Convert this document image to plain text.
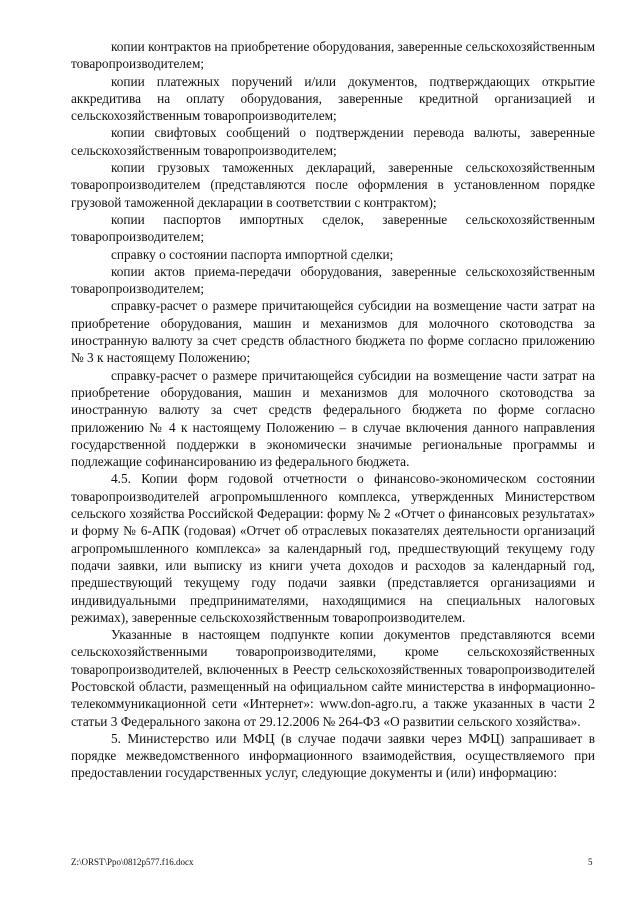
копии контрактов на приобретение оборудования, заверенные сельскохозяйственным товаропроизводителем;

копии платежных поручений и/или документов, подтверждающих открытие аккредитива на оплату оборудования, заверенные кредитной организацией и сельскохозяйственным товаропроизводителем;

копии свифтовых сообщений о подтверждении перевода валюты, заверенные сельскохозяйственным товаропроизводителем;

копии грузовых таможенных деклараций, заверенные сельскохозяйственным товаропроизводителем (представляются после оформления в установленном порядке грузовой таможенной декларации в соответствии с контрактом);

копии паспортов импортных сделок, заверенные сельскохозяйственным товаропроизводителем;

справку о состоянии паспорта импортной сделки;

копии актов приема-передачи оборудования, заверенные сельскохозяйственным товаропроизводителем;

справку-расчет о размере причитающейся субсидии на возмещение части затрат на приобретение оборудования, машин и механизмов для молочного скотоводства за иностранную валюту за счет средств областного бюджета по форме согласно приложению № 3 к настоящему Положению;

справку-расчет о размере причитающейся субсидии на возмещение части затрат на приобретение оборудования, машин и механизмов для молочного скотоводства за иностранную валюту за счет средств федерального бюджета по форме согласно приложению № 4 к настоящему Положению – в случае включения данного направления государственной поддержки в экономически значимые региональные программы и подлежащие софинансированию из федерального бюджета.

4.5. Копии форм годовой отчетности о финансово-экономическом состоянии товаропроизводителей агропромышленного комплекса, утвержденных Министерством сельского хозяйства Российской Федерации: форму № 2 «Отчет о финансовых результатах» и форму № 6-АПК (годовая) «Отчет об отраслевых показателях деятельности организаций агропромышленного комплекса» за календарный год, предшествующий текущему году подачи заявки, или выписку из книги учета доходов и расходов за календарный год, предшествующий текущему году подачи заявки (представляется организациями и индивидуальными предпринимателями, находящимися на специальных налоговых режимах), заверенные сельскохозяйственным товаропроизводителем.

Указанные в настоящем подпункте копии документов представляются всеми сельскохозяйственными товаропроизводителями, кроме сельскохозяйственных товаропроизводителей, включенных в Реестр сельскохозяйственных товаропроизводителей Ростовской области, размещенный на официальном сайте министерства в информационно-телекоммуникационной сети «Интернет»: www.don-agro.ru, а также указанных в части 2 статьи 3 Федерального закона от 29.12.2006 № 264-ФЗ «О развитии сельского хозяйства».

5. Министерство или МФЦ (в случае подачи заявки через МФЦ) запрашивает в порядке межведомственного информационного взаимодействия, осуществляемого при предоставлении государственных услуг, следующие документы и (или) информацию:

Z:\ORST\Ppo\0812p577.f16.docx	5
